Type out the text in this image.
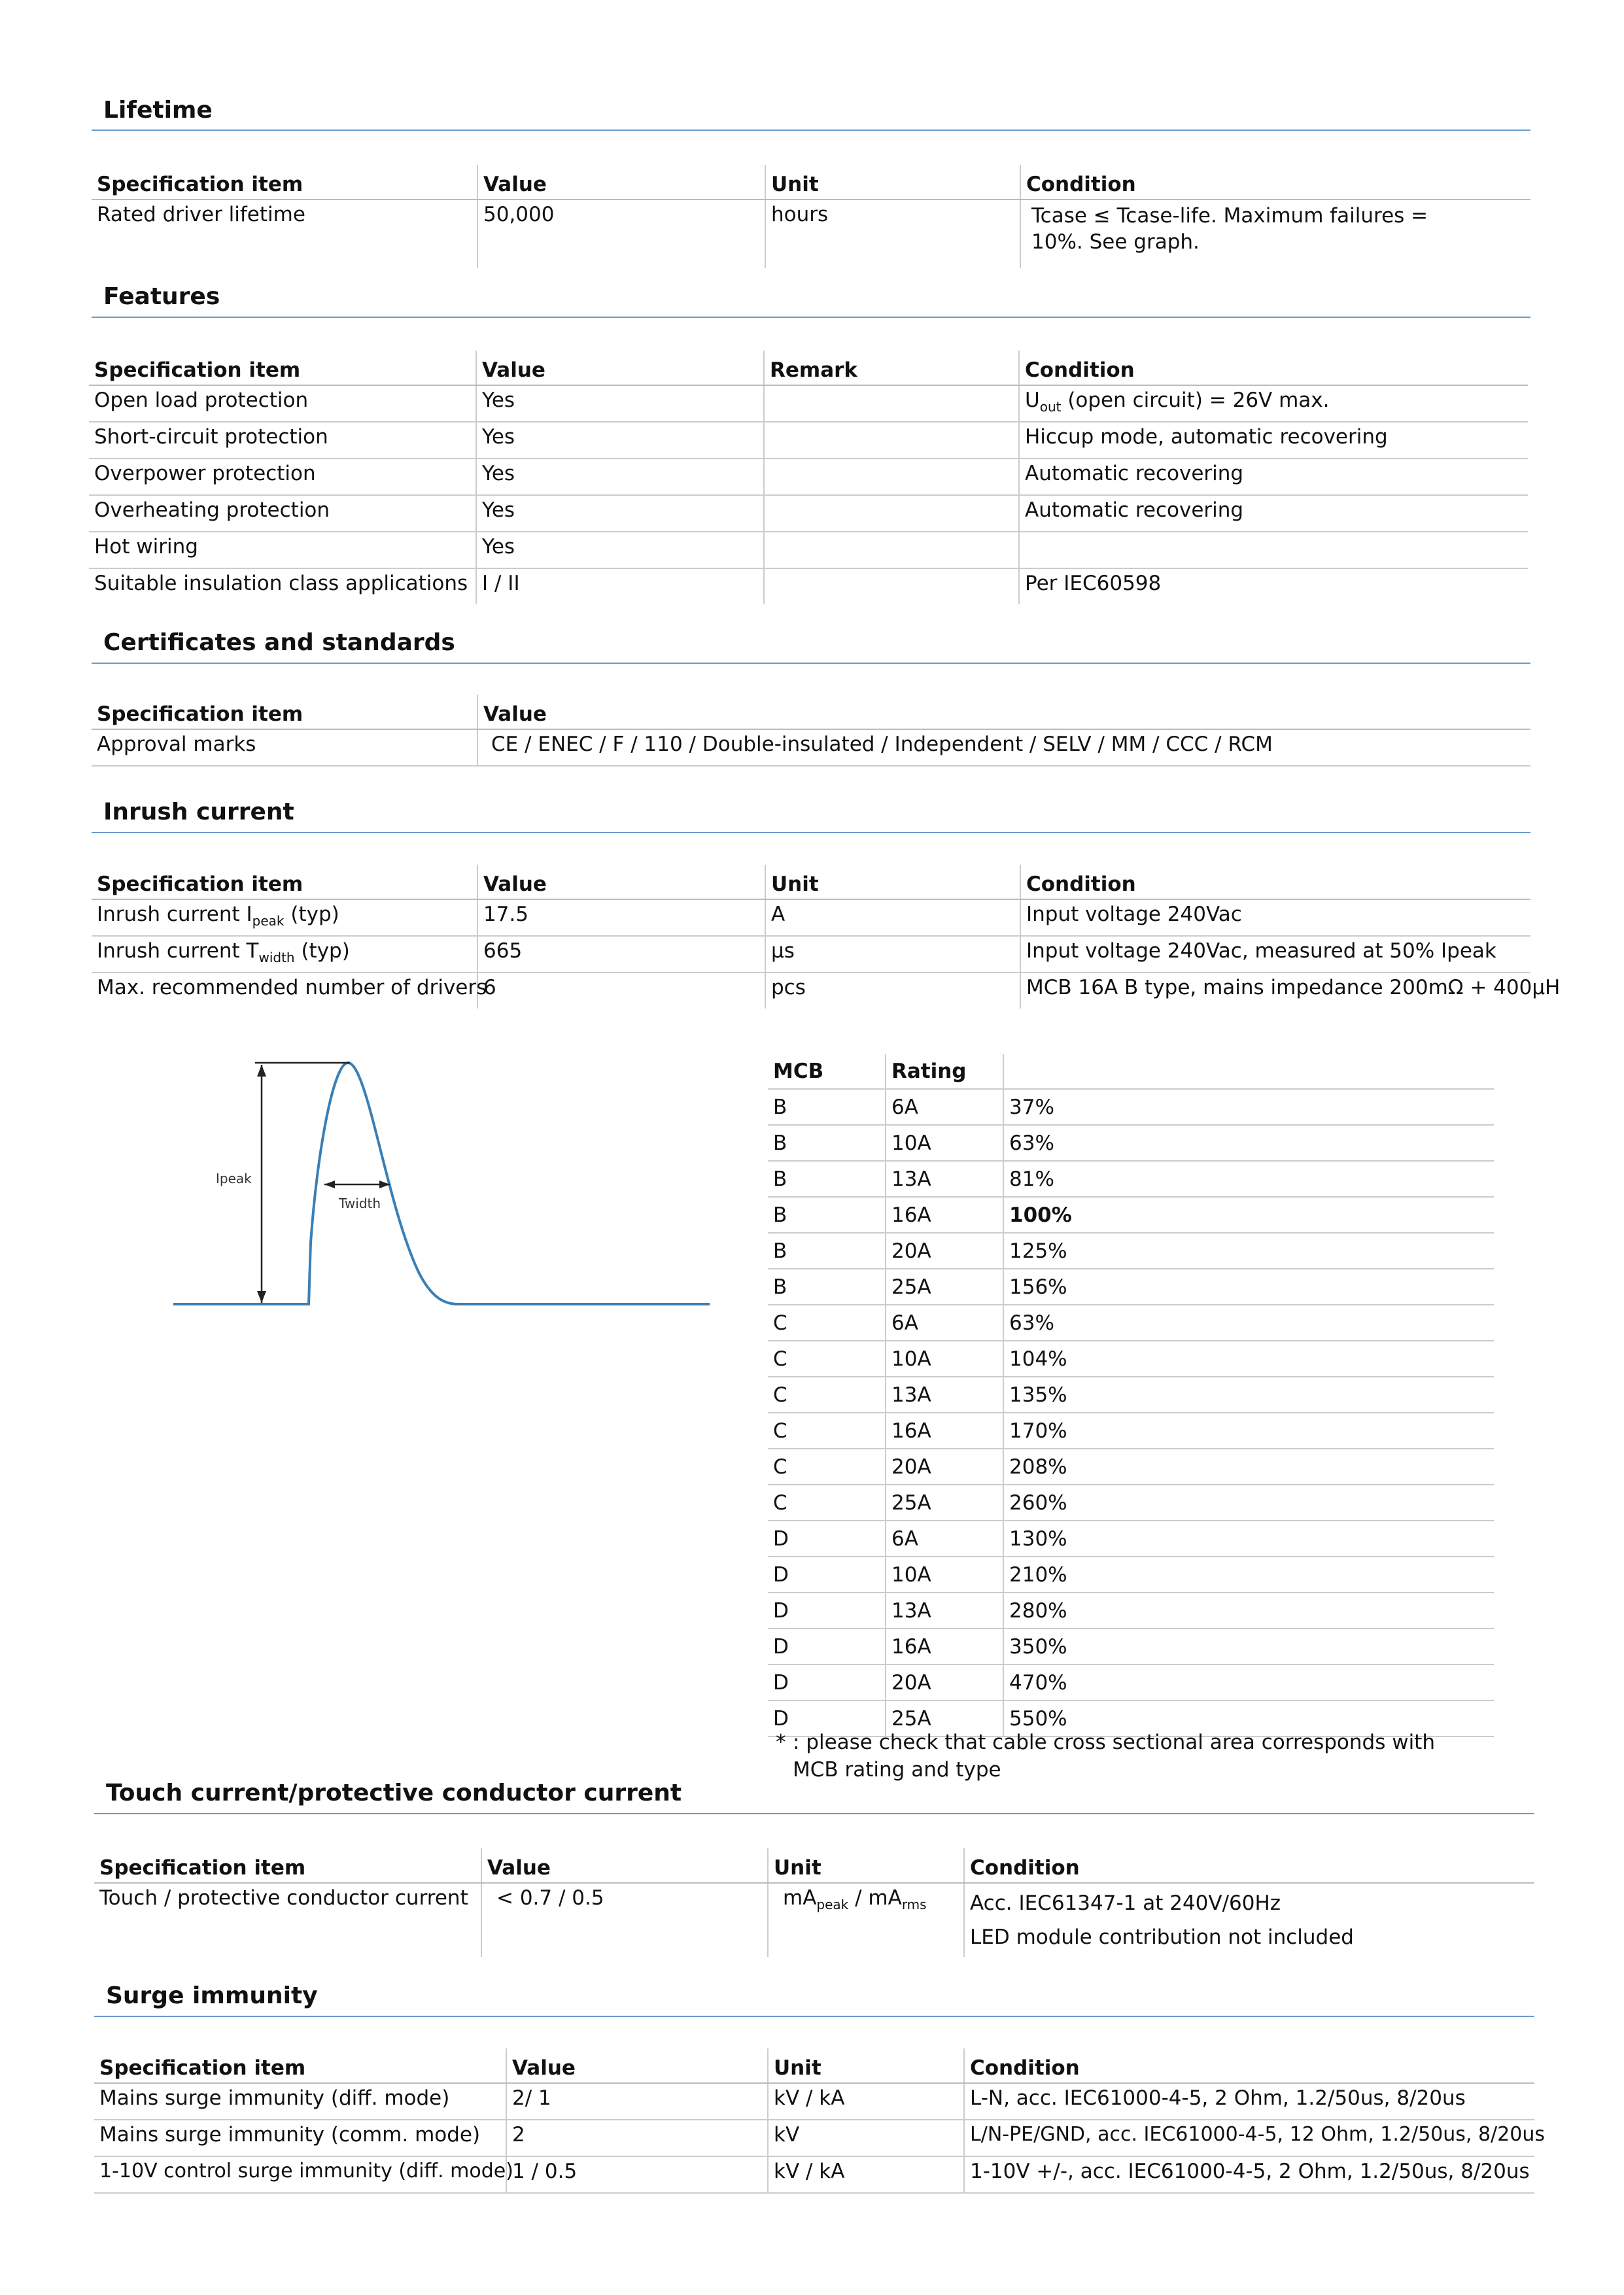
Lifetime
Specification item	Value	Unit	Condition
Rated driver lifetime	50,000	hours	Tcase ≤ Tcase-life. Maximum failures = 10%. See graph.
Features
Specification item	Value	Remark	Condition
Open load protection	Yes		$U_{out}$ (open circuit) = 26V max.
Short-circuit protection	Yes		Hiccup mode, automatic recovering
Overpower protection	Yes		Automatic recovering
Overheating protection	Yes		Automatic recovering
Hot wiring	Yes		
Suitable insulation class applications	I / II		Per IEC60598
Certificates and standards
Specification item	Value
Approval marks	CE / ENEC / F / 110 / Double-insulated / Independent / SELV / MM / CCC / RCM
Inrush current
Specification item	Value	Unit	Condition
Inrush current $I_{peak}$ (typ)	17.5	A	Input voltage 240Vac
Inrush current $T_{width}$ (typ)	665	µs	Input voltage 240Vac, measured at 50% Ipeak
Max. recommended number of drivers	6	pcs	MCB 16A B type, mains impedance 200mΩ + 400µH
Ipeak
Twidth
MCB	Rating	
B	6A	37%
B	10A	63%
B	13A	81%
B	16A	100%
B	20A	125%
B	25A	156%
C	6A	63%
C	10A	104%
C	13A	135%
C	16A	170%
C	20A	208%
C	25A	260%
D	6A	130%
D	10A	210%
D	13A	280%
D	16A	350%
D	20A	470%
D	25A	550%
* : please check that cable cross sectional area corresponds with MCB rating and type
Touch current/protective conductor current
Specification item	Value	Unit	Condition
Touch / protective conductor current	< 0.7 / 0.5	$mA_{peak} / mA_{rms}$	Acc. IEC61347-1 at 240V/60Hz
LED module contribution not included
Surge immunity
Specification item	Value	Unit	Condition
Mains surge immunity (diff. mode)	2/ 1	kV / kA	L-N, acc. IEC61000-4-5, 2 Ohm, 1.2/50us, 8/20us
Mains surge immunity (comm. mode)	2	kV	L/N-PE/GND, acc. IEC61000-4-5, 12 Ohm, 1.2/50us, 8/20us
1-10V control surge immunity (diff. mode)	1 / 0.5	kV / kA	1-10V +/-, acc. IEC61000-4-5, 2 Ohm, 1.2/50us, 8/20us
